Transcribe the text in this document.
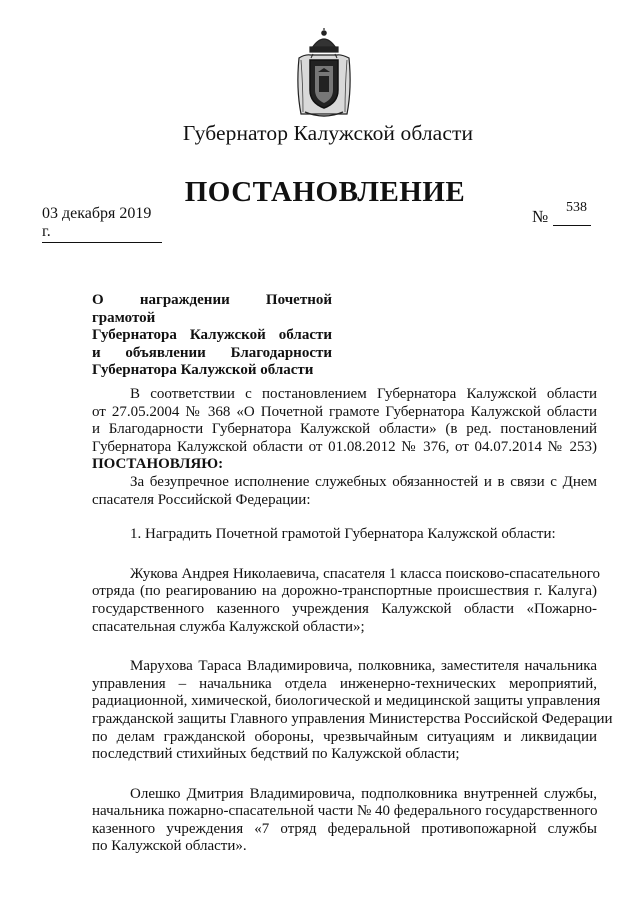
Губернатор Калужской области
ПОСТАНОВЛЕНИЕ
03 декабря 2019 г.
№ 538
О награждении Почетной грамотой
Губернатора Калужской области
и объявлении Благодарности
Губернатора Калужской области
В соответствии с постановлением Губернатора Калужской области
от 27.05.2004 № 368 «О Почетной грамоте Губернатора Калужской области
и Благодарности Губернатора Калужской области» (в ред. постановлений
Губернатора Калужской области от 01.08.2012 № 376, от 04.07.2014 № 253)
ПОСТАНОВЛЯЮ:
За безупречное исполнение служебных обязанностей и в связи с Днем
спасателя Российской Федерации:
1. Наградить Почетной грамотой Губернатора Калужской области:
Жукова Андрея Николаевича, спасателя 1 класса поисково-спасательного
отряда (по реагированию на дорожно-транспортные происшествия г. Калуга)
государственного казенного учреждения Калужской области «Пожарно-
спасательная служба Калужской области»;
Марухова Тараса Владимировича, полковника, заместителя начальника
управления – начальника отдела инженерно-технических мероприятий,
радиационной, химической, биологической и медицинской защиты управления
гражданской защиты Главного управления Министерства Российской Федерации
по делам гражданской обороны, чрезвычайным ситуациям и ликвидации
последствий стихийных бедствий по Калужской области;
Олешко Дмитрия Владимировича, подполковника внутренней службы,
начальника пожарно-спасательной части № 40 федерального государственного
казенного учреждения «7 отряд федеральной противопожарной службы
по Калужской области».
